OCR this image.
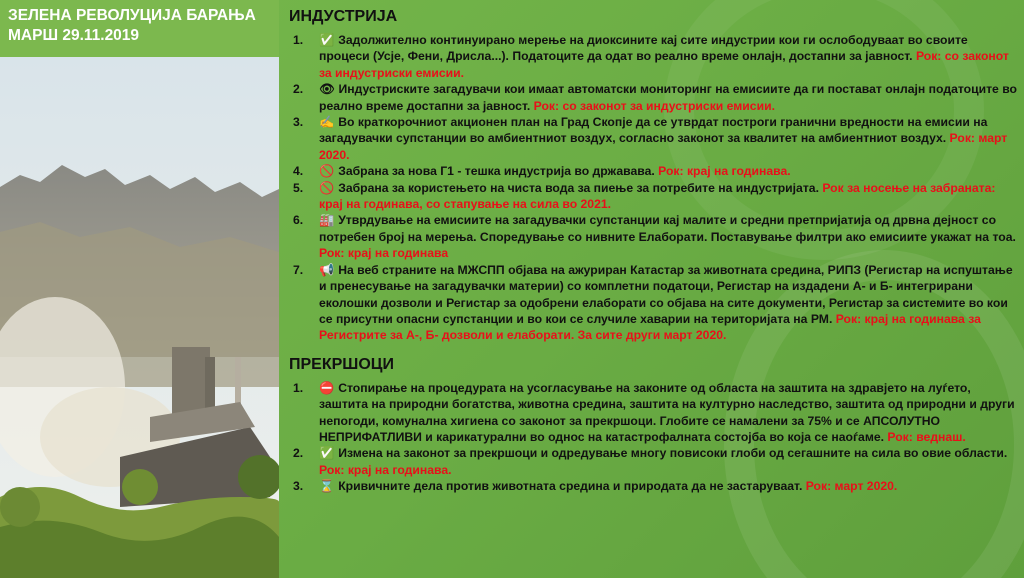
ЗЕЛЕНА РЕВОЛУЦИЈА БАРАЊА
МАРШ 29.11.2019
ИНДУСТРИЈА
1. ✅ Задолжително континуирано мерење на диоксините кај сите индустрии кои ги ослободуваат во своите процеси (Усје, Фени, Дрисла...). Податоците да одат во реално време онлајн, достапни за јавност. Рок: со законот за индустриски емисии.
2. 👁 Индустриските загадувачи кои имаат автоматски мониторинг на емисиите да ги постават онлајн податоците во реално време достапни за јавност. Рок: со законот за индустриски емисии.
3. ✍ Во краткорочниот акционен план на Град Скопје да се утврдат построги гранични вредности на емисии на загадувачки супстанции во амбиентниот воздух, согласно законот за квалитет на амбиентниот воздух. Рок: март 2020.
4. 🚫 Забрана за нова Г1 - тешка индустрија во државава. Рок: крај на годинава.
5. 🚫 Забрана за користењето на чиста вода за пиење за потребите на индустријата. Рок за носење на забраната: крај на годинава, со стапување на сила во 2021.
6. 🏭 Утврдување на емисиите на загадувачки супстанции кај малите и средни претпријатија од дрвна дејност со потребен број на мерења. Споредување со нивните Елаборати. Поставување филтри ако емисиите укажат на тоа. Рок: крај на годинава
7. 📢 На веб страните на МЖСПП објава на ажуриран Катастар за животната средина, РИПЗ (Регистар на испуштање и пренесување на загадувачки материи) со комплетни податоци, Регистар на издадени А- и Б- интегрирани еколошки дозволи и Регистар за одобрени елаборати со објава на сите документи, Регистар за системите во кои се присутни опасни супстанции и во кои се случиле хаварии на територијата на РМ. Рок: крај на годинава за Регистрите за А-, Б- дозволи и елаборати. За сите други март 2020.
ПРЕКРШОЦИ
1. ⛔ Стопирање на процедурата на усогласување на законите од областа на заштита на здравјето на луѓето, заштита на природни богатства, животна средина, заштита на културно наследство, заштита од природни и други непогоди, комунална хигиена со законот за прекршоци. Глобите се намалени за 75% и се АПСОЛУТНО НЕПРИФАТЛИВИ и карикатурални во однос на катастрофалната состојба во која се наоѓаме. Рок: веднаш.
2. ✅ Измена на законот за прекршоци и одредување многу повисоки глоби од сегашните на сила во овие области. Рок: крај на годинава.
3. ⌛ Кривичните дела против животната средина и природата да не застаруваат. Рок: март 2020.
